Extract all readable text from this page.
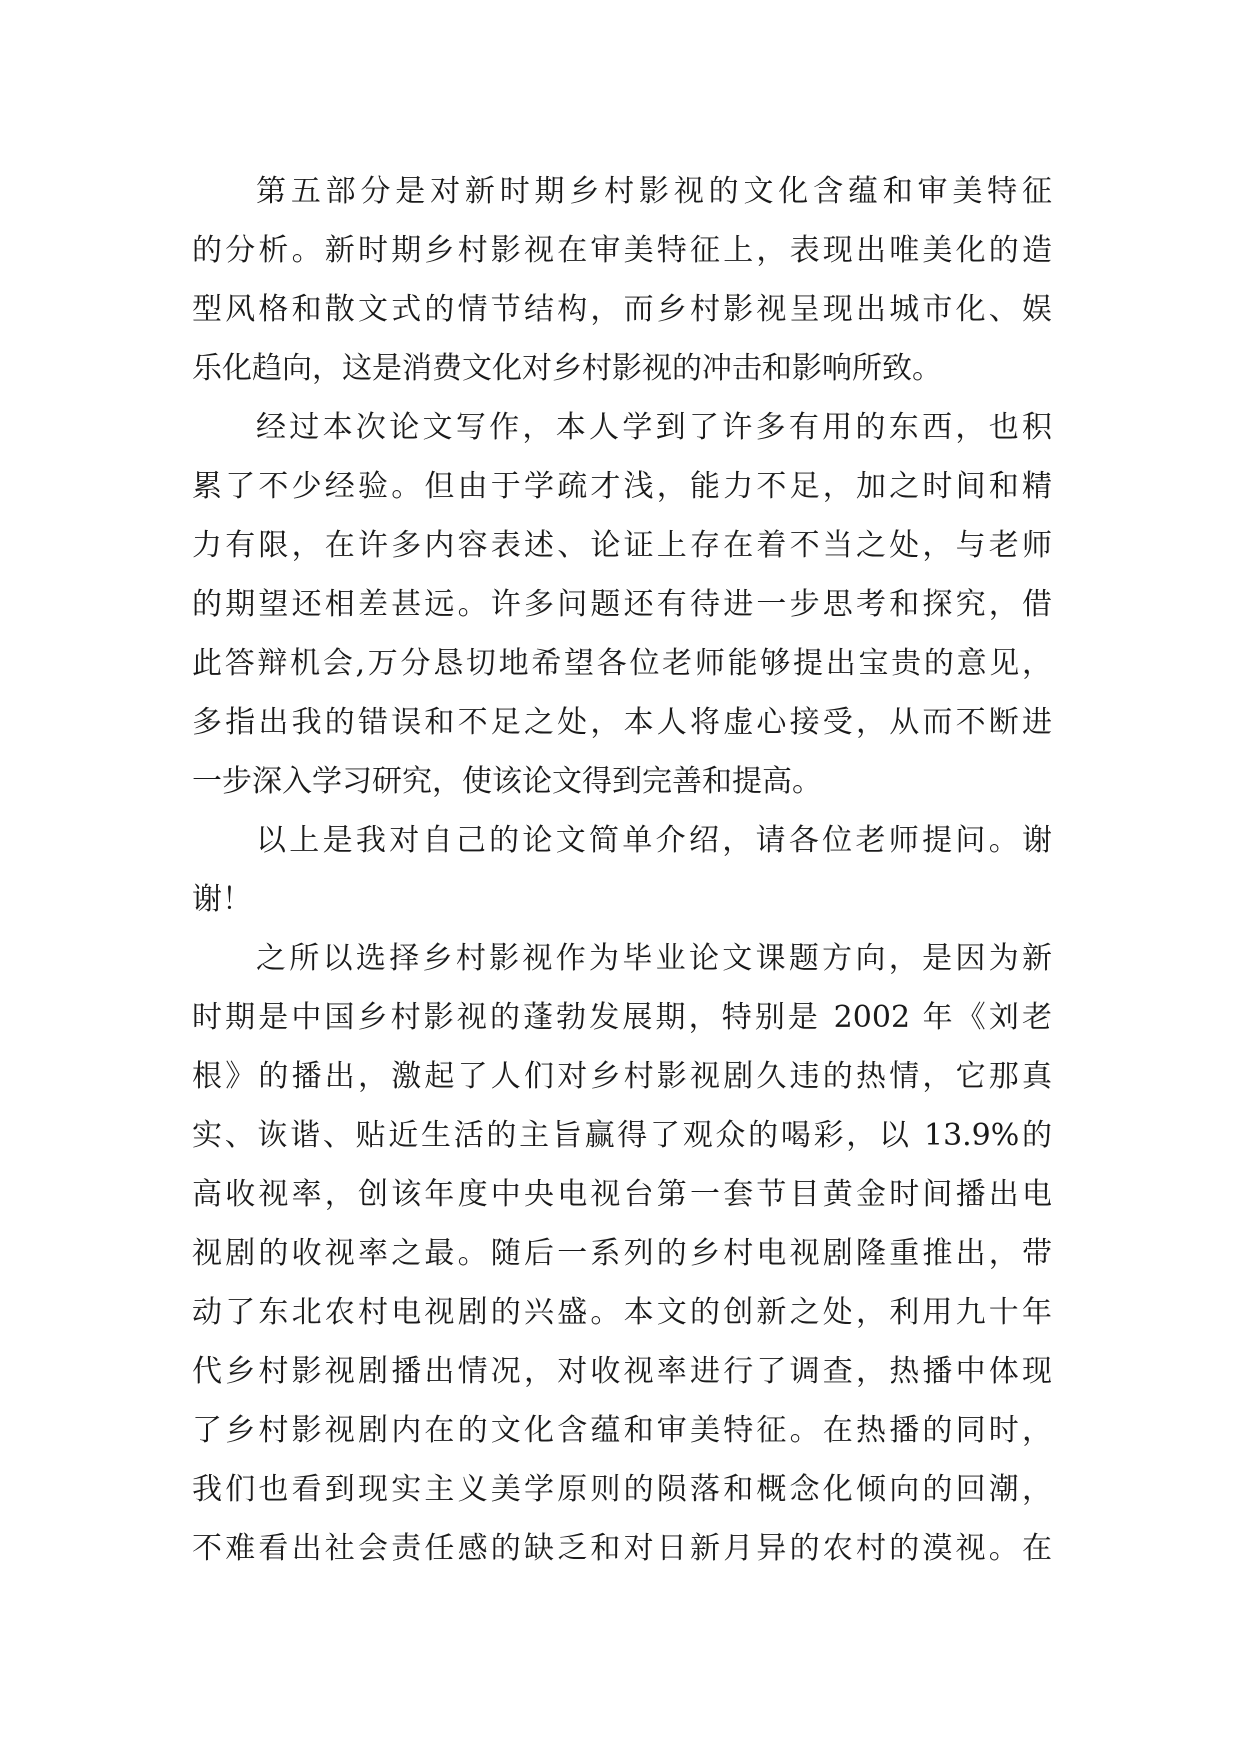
第五部分是对新时期乡村影视的文化含蕴和审美特征
的分析。新时期乡村影视在审美特征上，表现出唯美化的造
型风格和散文式的情节结构，而乡村影视呈现出城市化、娱
乐化趋向，这是消费文化对乡村影视的冲击和影响所致。
经过本次论文写作，本人学到了许多有用的东西，也积
累了不少经验。但由于学疏才浅，能力不足，加之时间和精
力有限，在许多内容表述、论证上存在着不当之处，与老师
的期望还相差甚远。许多问题还有待进一步思考和探究，借
此答辩机会,万分恳切地希望各位老师能够提出宝贵的意见，
多指出我的错误和不足之处，本人将虚心接受，从而不断进
一步深入学习研究，使该论文得到完善和提高。
以上是我对自己的论文简单介绍，请各位老师提问。谢
谢！
之所以选择乡村影视作为毕业论文课题方向，是因为新
时期是中国乡村影视的蓬勃发展期，特别是 2002 年《刘老
根》的播出，激起了人们对乡村影视剧久违的热情，它那真
实、诙谐、贴近生活的主旨赢得了观众的喝彩，以 13.9%的
高收视率，创该年度中央电视台第一套节目黄金时间播出电
视剧的收视率之最。随后一系列的乡村电视剧隆重推出，带
动了东北农村电视剧的兴盛。本文的创新之处，利用九十年
代乡村影视剧播出情况，对收视率进行了调查，热播中体现
了乡村影视剧内在的文化含蕴和审美特征。在热播的同时，
我们也看到现实主义美学原则的陨落和概念化倾向的回潮，
不难看出社会责任感的缺乏和对日新月异的农村的漠视。在
